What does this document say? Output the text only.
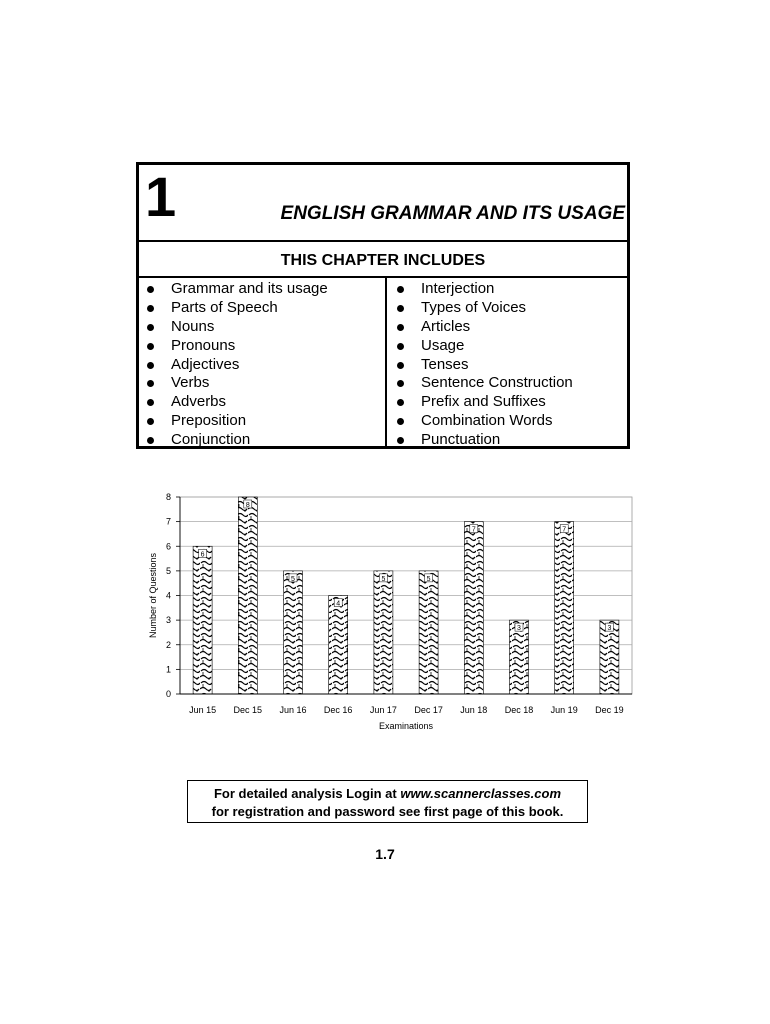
1	ENGLISH GRAMMAR AND ITS USAGE
THIS CHAPTER INCLUDES
Grammar and its usage
Parts of Speech
Nouns
Pronouns
Adjectives
Verbs
Adverbs
Preposition
Conjunction
Interjection
Types of Voices
Articles
Usage
Tenses
Sentence Construction
Prefix and Suffixes
Combination Words
Punctuation
6
8
5
4
5	5
7
3
7
3
0
1
2
3
4
5
6
7
8
Jun 15 Dec 15 Jun 16 Dec 16 Jun 17 Dec 17 Jun 18 Dec 18 Jun 19 Dec 19
Examinations
Number of Questions
For detailed analysis Login at www.scannerclasses.com
for registration and password see first page of this book.
1.7
